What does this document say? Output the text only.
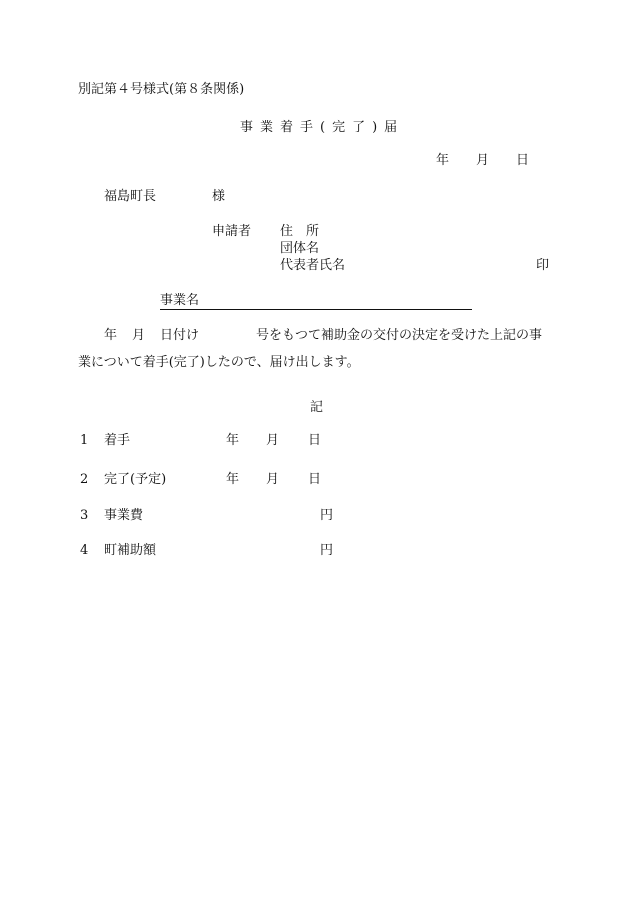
別記第４号様式(第８条関係)
事業着手(完了)届
年 月 日
福島町長	様
申請者 住　所
団体名
代表者氏名	印
事業名
年 月 日付け	号をもつて補助金の交付の決定を受けた上記の事
業について着手(完了)したので、届け出します。
記
1 着手	年 月 日
2 完了(予定)	年 月 日
3 事業費	円
4 町補助額	円
